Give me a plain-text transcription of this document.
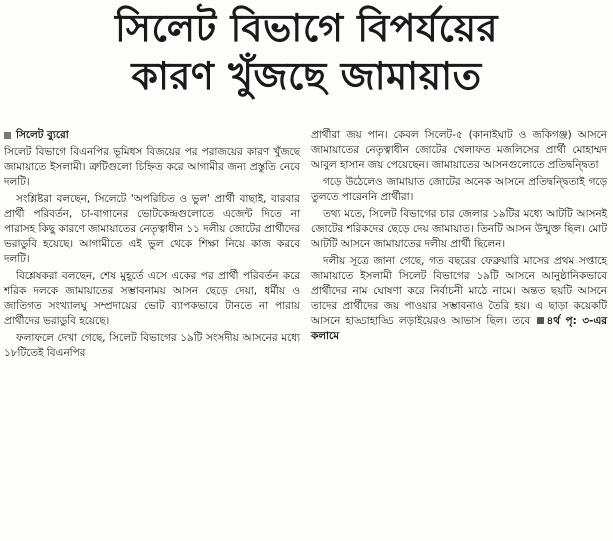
সিলেট বিভাগে বিপর্যয়ের
কারণ খুঁজছে জামায়াত
সিলেট ব্যুরো

সিলেট বিভাগে বিএনপির ভূমিধস বিজয়ের পর পরাজয়ের কারণ খুঁজছে জামায়াতে ইসলামী। ত্রুটিগুলো চিহ্নিত করে আগামীর জন্য প্রস্তুতি নেবে দলটি।

সংশ্লিষ্টরা বলছেন, সিলেটে 'অপরিচিত ও ভুল' প্রার্থী বাছাই, বারবার প্রার্থী পরিবর্তন, চা-বাগানের ভোটকেন্দ্রগুলোতে এজেন্ট দিতে না পারাসহ কিছু কারণে জামায়াতের নেতৃত্বাধীন ১১ দলীয় জোটের প্রার্থীদের ভরাডুবি হয়েছে। আগামীতে এই ভুল থেকে শিক্ষা নিয়ে কাজ করবে দলটি।

বিশ্লেষকরা বলছেন, শেষ মুহূর্তে এসে একের পর প্রার্থী পরিবর্তন করে শরিক দলকে জামায়াতের সম্ভাবনাময় আসন ছেড়ে দেয়া, ধর্মীয় ও জাতিগত সংখ্যালঘু সম্প্রদায়ের ভোট ব্যাপকভাবে টানতে না পারায় প্রার্থীদের ভরাডুবি হয়েছে।

ফলাফলে দেখা গেছে, সিলেট বিভাগের ১৯টি সংসদীয় আসনের মধ্যে ১৮টিতেই বিএনপির

প্রার্থীরা জয় পান। কেবল সিলেট-৫ (কানাইঘাট ও জকিগঞ্জ) আসনে জামায়াতের নেতৃত্বাধীন জোটের খেলাফত মজলিসের প্রার্থী মোহাম্মদ আবুল হাসান জয় পেয়েছেন। জামায়াতের আসনগুলোতে প্রতিদ্বন্দ্বিতা

গড়ে উঠেলেও জামায়াত জোটের অনেক আসনে প্রতিদ্বন্দ্বিতাই গড়ে তুলতে পারেননি প্রার্থীরা।

তথ্য মতে, সিলেট বিভাগের চার জেলার ১৯টির মধ্যে আটটি আসনই জোটের শরিকদের ছেড়ে দেয় জামায়াত। তিনটি আসন উন্মুক্ত ছিল। মোট আটটি আসনে জামায়াতের দলীয় প্রার্থী ছিলেন।

দলীয় সূত্রে জানা গেছে, গত বছরের ফেব্রুয়ারি মাসের প্রথম সপ্তাহে জামায়াতে ইসলামী সিলেট বিভাগের ১৯টি আসনে আনুষ্ঠানিকভাবে প্রার্থীদের নাম ঘোষণা করে নির্বাচনী মাঠে নামে। অন্তত ছয়টি আসনে তাদের প্রার্থীদের জয় পাওয়ার সম্ভাবনাও তৈরি হয়। এ ছাড়া কয়েকটি আসনে হাড্ডাহাড্ডি লড়াইয়েরও আভাস ছিল। তবে ৪র্থ পৃ: ৩-এর কলামে
